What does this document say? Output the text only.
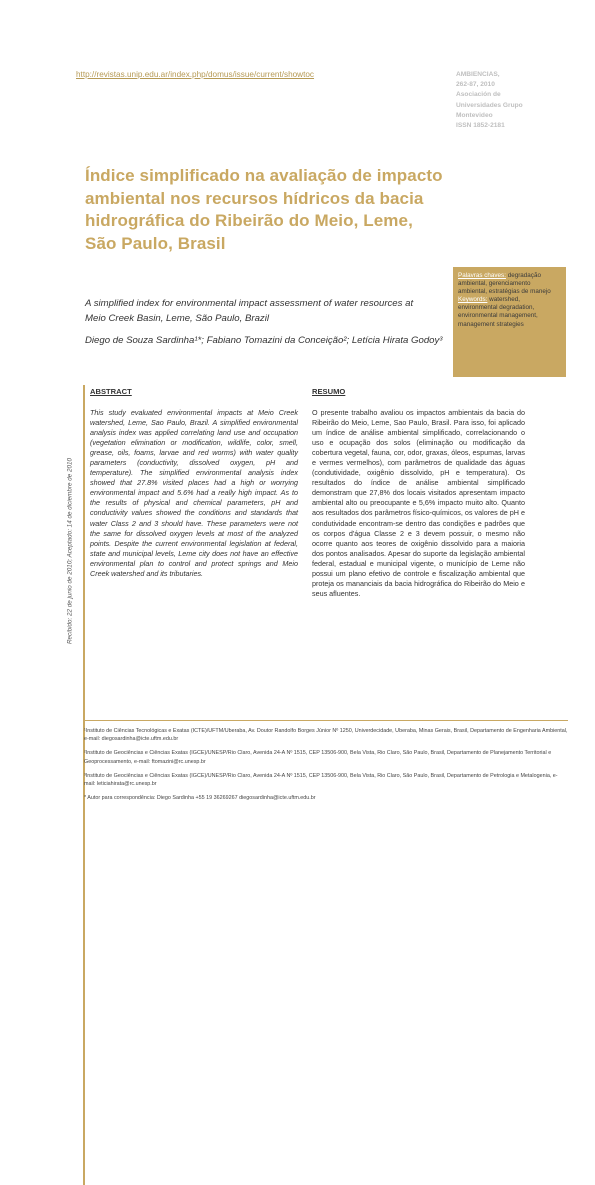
http://revistas.unip.edu.ar/index.php/domus/issue/current/showtoc	AMBIENCIAS,
262-87, 2010
Asociación de
Universidades Grupo
Montevideo
ISSN 1852-2181
Índice simplificado na avaliação de impacto ambiental nos recursos hídricos da bacia hidrográfica do Ribeirão do Meio, Leme, São Paulo, Brasil

Palavras chaves: degradação ambiental, gerenciamento ambiental, estratégias de manejo

Keywords: watershed, environmental degradation, environmental management, management strategies

A simplified index for environmental impact assessment of water resources at Meio Creek Basin, Leme, São Paulo, Brazil

Diego de Souza Sardinha¹*; Fabiano Tomazini da Conceição²; Letícia Hirata Godoy³

Recibido: 22 de junio de 2010; Aceptado: 14 de diciembre de 2010
ABSTRACT

This study evaluated environmental impacts at Meio Creek watershed, Leme, Sao Paulo, Brazil. A simplified environmental analysis index was applied correlating land use and occupation (vegetation elimination or modification, wildlife, color, smell, grease, oils, foams, larvae and red worms) with water quality parameters (conductivity, dissolved oxygen, pH and temperature). The simplified environmental analysis index showed that 27.8% visited places had a high or worrying environmental impact and 5.6% had a really high impact. As to the results of physical and chemical parameters, pH and conductivity values showed the conditions and standards that water Class 2 and 3 should have. These parameters were not the same for dissolved oxygen levels at most of the analyzed points. Despite the current environmental legislation at federal, state and municipal levels, Leme city does not have an effective environmental plan to control and protect springs and Meio Creek watershed and its tributaries.

RESUMO

O presente trabalho avaliou os impactos ambientais da bacia do Ribeirão do Meio, Leme, Sao Paulo, Brasil. Para isso, foi aplicado um índice de análise ambiental simplificado, correlacionando o uso e ocupação dos solos (eliminação ou modificação da cobertura vegetal, fauna, cor, odor, graxas, óleos, espumas, larvas e vermes vermelhos), com parâmetros de qualidade das águas (condutividade, oxigênio dissolvido, pH e temperatura). Os resultados do índice de análise ambiental simplificado demonstram que 27,8% dos locais visitados apresentam impacto ambiental alto ou preocupante e 5,6% impacto muito alto. Quanto aos resultados dos parâmetros físico-químicos, os valores de pH e condutividade encontram-se dentro das condições e padrões que os corpos d'água Classe 2 e 3 devem possuir, o mesmo não ocorre quanto aos teores de oxigênio dissolvido para a maioria dos pontos analisados. Apesar do suporte da legislação ambiental federal, estadual e municipal vigente, o município de Leme não possui um plano efetivo de controle e fiscalização ambiental que proteja os mananciais da bacia hidrográfica do Ribeirão do Meio e seus afluentes.

¹Instituto de Ciências Tecnológicas e Exatas (ICTE)/UFTM/Uberaba, Av. Doutor Randolfo Borges Júnior Nº 1250, Univerdecidade, Uberaba, Minas Gerais, Brasil, Departamento de Engenharia Ambiental, e-mail: diegosardinha@icte.uftm.edu.br

²Instituto de Geociências e Ciências Exatas (IGCE)/UNESP/Rio Claro, Avenida 24-A Nº 1515, CEP 13506-900, Bela Vista, Rio Claro, São Paulo, Brasil, Departamento de Planejamento Territorial e Geoprocessamento, e-mail: ftomazini@rc.unesp.br

³Instituto de Geociências e Ciências Exatas (IGCE)/UNESP/Rio Claro, Avenida 24-A Nº 1515, CEP 13506-900, Bela Vista, Rio Claro, São Paulo, Brasil, Departamento de Petrologia e Metalogenia, e-mail: leticiahirata@rc.unesp.br

* Autor para correspondência: Diego Sardinha +55 19 36269267 diegosardinha@icte.uftm.edu.br
